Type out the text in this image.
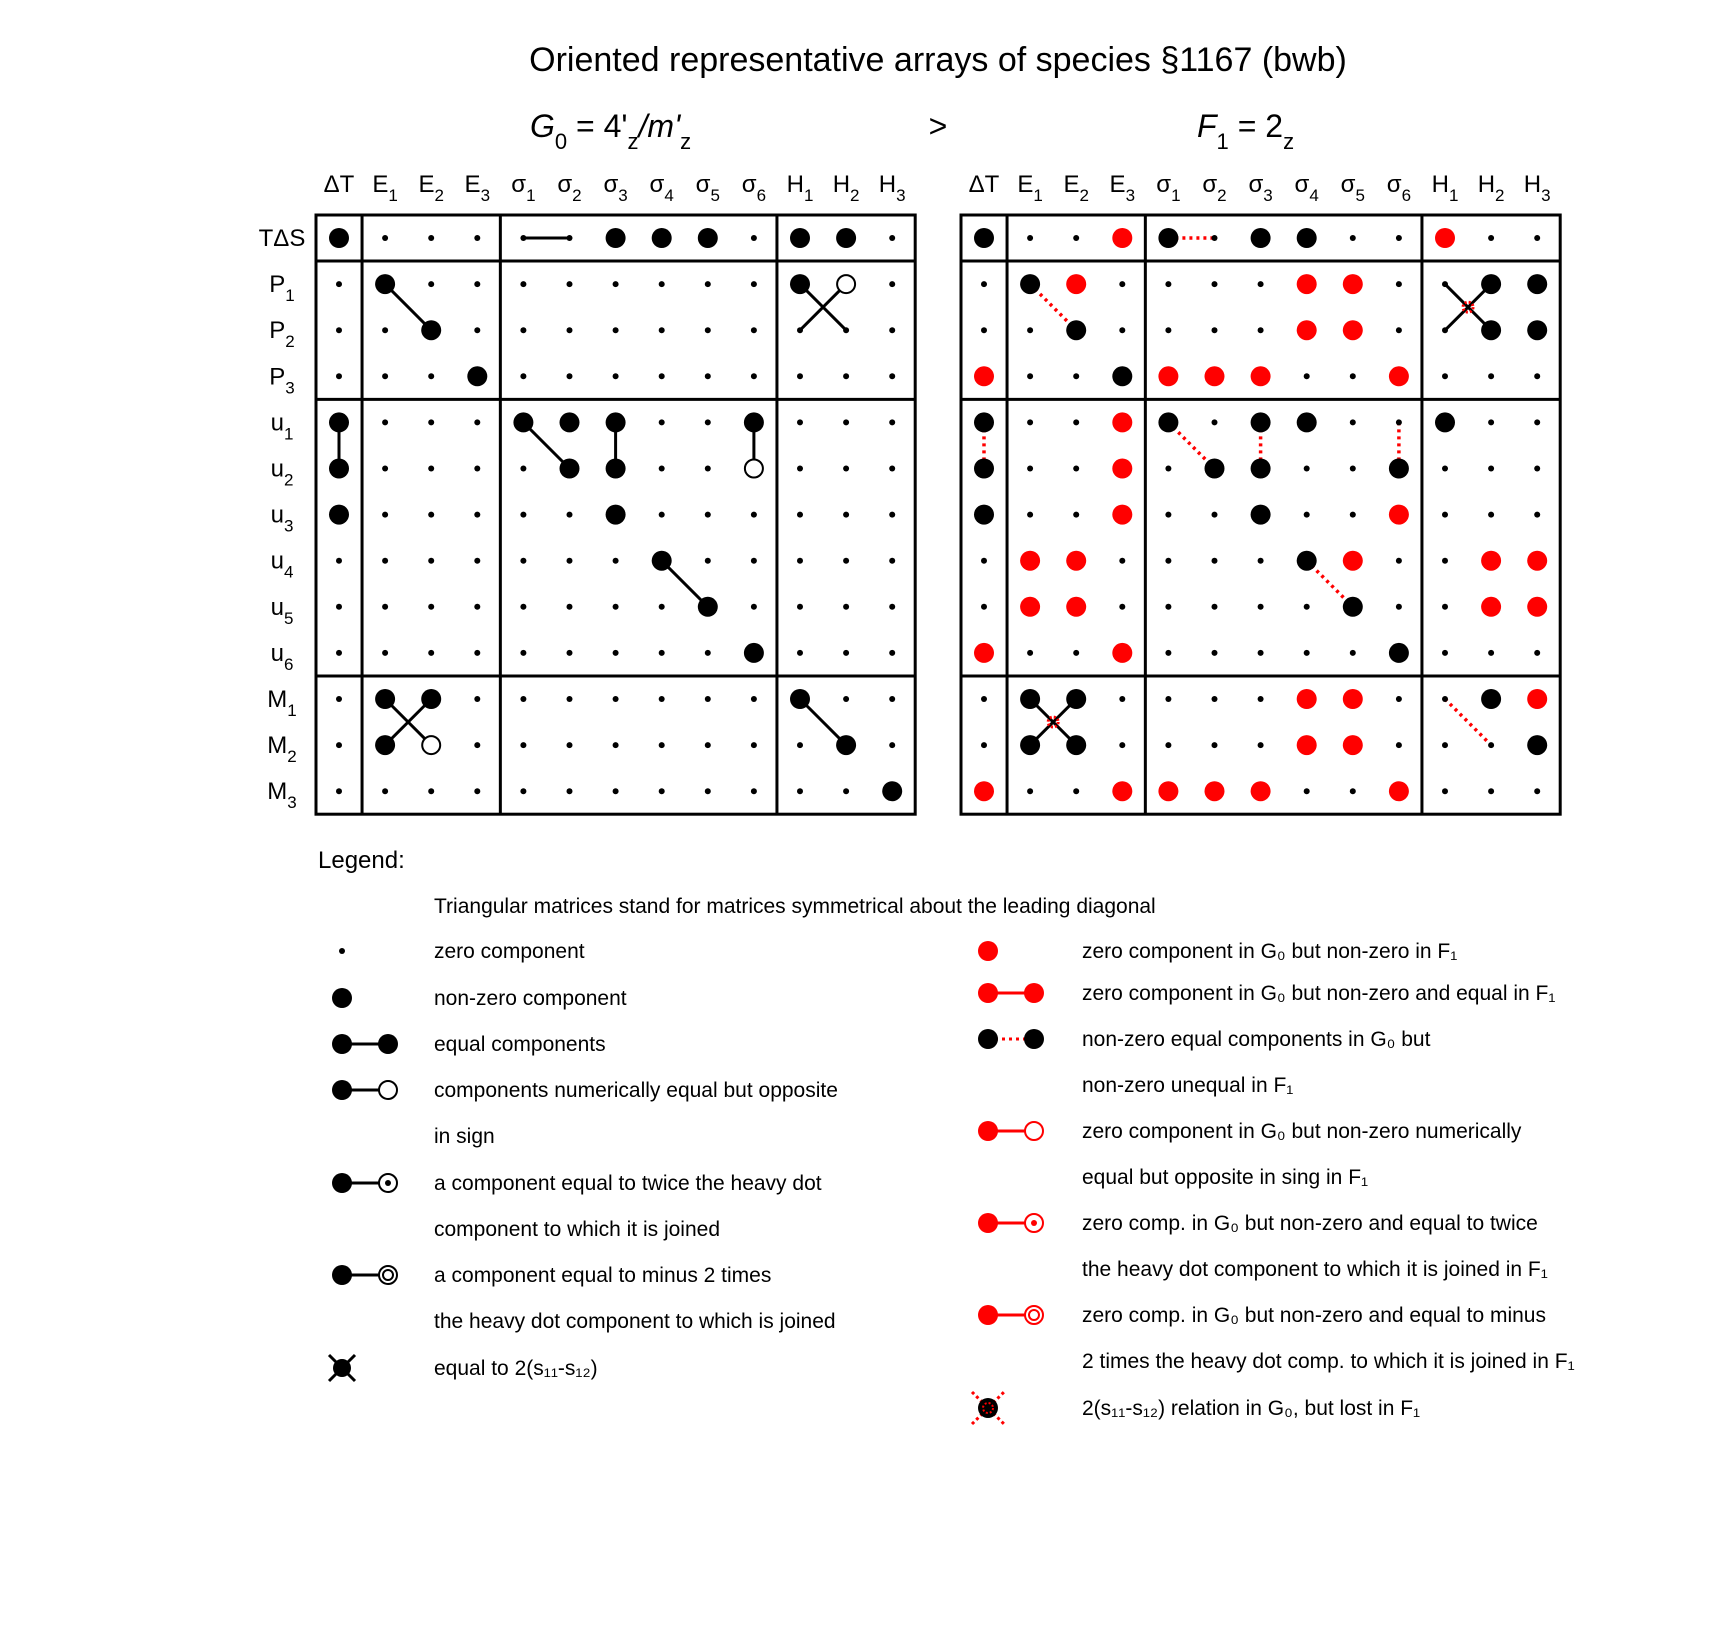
Oriented representative arrays of species §1167 (bwb)
$G_0 = 4'_z/m'_z$	>	$F_1 = 2_z$
ΔT $E_1$ $E_2$ $E_3$ $\sigma_1$ $\sigma_2$ $\sigma_3$ $\sigma_4$ $\sigma_5$ $\sigma_6$ $H_1$ $H_2$ $H_3$
TΔS
$P_1$
$P_2$
$P_3$
$u_1$
$u_2$
$u_3$
$u_4$
$u_5$
$u_6$
$M_1$
$M_2$
$M_3$
ΔT $E_1$ $E_2$ $E_3$ $\sigma_1$ $\sigma_2$ $\sigma_3$ $\sigma_4$ $\sigma_5$ $\sigma_6$ $H_1$ $H_2$ $H_3$
Legend:
Triangular matrices stand for matrices symmetrical about the leading diagonal
zero component
non-zero component
equal components
components numerically equal but opposite
in sign
a component equal to twice the heavy dot
component to which it is joined
a component equal to minus 2 times
the heavy dot component to which is joined
equal to 2(s₁₁-s₁₂)
zero component in G₀ but non-zero in F₁
zero component in G₀ but non-zero and equal in F₁
non-zero equal components in G₀ but
non-zero unequal in F₁
zero component in G₀ but non-zero numerically
equal but opposite in sing in F₁
zero comp. in G₀ but non-zero and equal to twice
the heavy dot component to which it is joined in F₁
zero comp. in G₀ but non-zero and equal to minus
2 times the heavy dot comp. to which it is joined in F₁
2(s₁₁-s₁₂) relation in G₀, but lost in F₁
